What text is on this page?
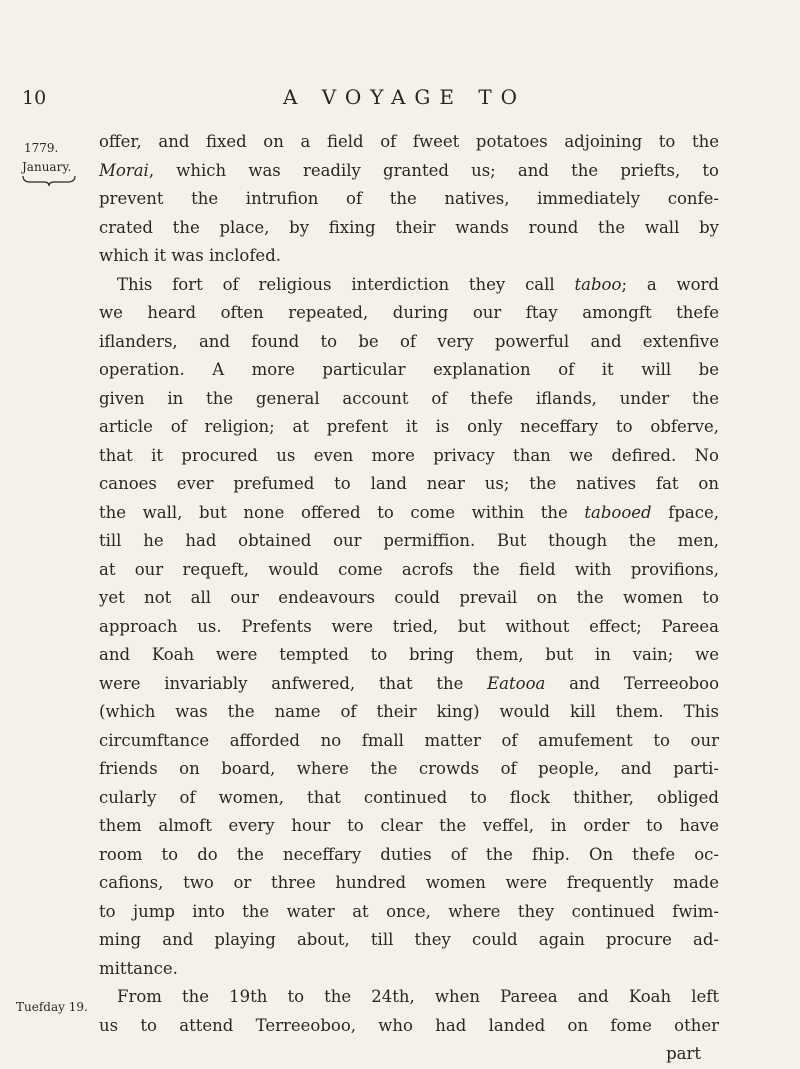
10	A VOYAGE TO
1779.
January.
Tuefday 19.
offer, and fixed on a field of fweet potatoes adjoining to the
Morai, which was readily granted us; and the priefts, to
prevent the intrufion of the natives, immediately confe-
crated the place, by fixing their wands round the wall by
which it was inclofed.
This fort of religious interdiction they call taboo; a word
we heard often repeated, during our ftay amongft thefe
iflanders, and found to be of very powerful and extenfive
operation. A more particular explanation of it will be
given in the general account of thefe iflands, under the
article of religion; at prefent it is only neceffary to obferve,
that it procured us even more privacy than we defired. No
canoes ever prefumed to land near us; the natives fat on
the wall, but none offered to come within the tabooed fpace,
till he had obtained our permiffion. But though the men,
at our requeft, would come acrofs the field with provifions,
yet not all our endeavours could prevail on the women to
approach us. Prefents were tried, but without effect; Pareea
and Koah were tempted to bring them, but in vain; we
were invariably anfwered, that the Eatooa and Terreeoboo
(which was the name of their king) would kill them. This
circumftance afforded no fmall matter of amufement to our
friends on board, where the crowds of people, and parti-
cularly of women, that continued to flock thither, obliged
them almoft every hour to clear the veffel, in order to have
room to do the neceffary duties of the fhip. On thefe oc-
cafions, two or three hundred women were frequently made
to jump into the water at once, where they continued fwim-
ming and playing about, till they could again procure ad-
mittance.
From the 19th to the 24th, when Pareea and Koah left
us to attend Terreeoboo, who had landed on fome other
part
